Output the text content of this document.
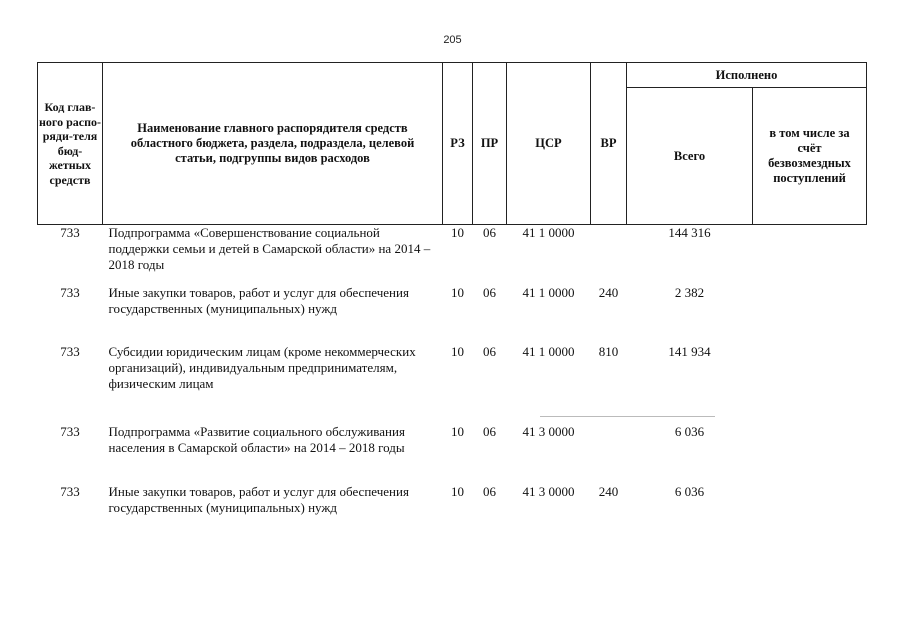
205
Код глав-ного распо-ряди-теля бюд-жетных средств	Наименование главного распорядителя средств областного бюджета, раздела, подраздела, целевой статьи, подгруппы видов расходов	РЗ	ПР	ЦСР	ВР	Исполнено	
						Всего	в том числе за счёт безвозмездных поступлений
733	Подпрограмма «Совершенствование социальной поддержки семьи и детей в Самарской области» на 2014 – 2018 годы	10	06	41 1 0000		144 316	
733	Иные закупки товаров, работ и услуг для обеспечения государственных (муниципальных) нужд	10	06	41 1 0000	240	2 382	
733	Субсидии юридическим лицам (кроме некоммерческих организаций), индивидуальным предпринимателям, физическим лицам	10	06	41 1 0000	810	141 934	
733	Подпрограмма «Развитие социального обслуживания населения в Самарской области» на 2014 – 2018 годы	10	06	41 3 0000		6 036	
733	Иные закупки товаров, работ и услуг для обеспечения государственных (муниципальных) нужд	10	06	41 3 0000	240	6 036	
